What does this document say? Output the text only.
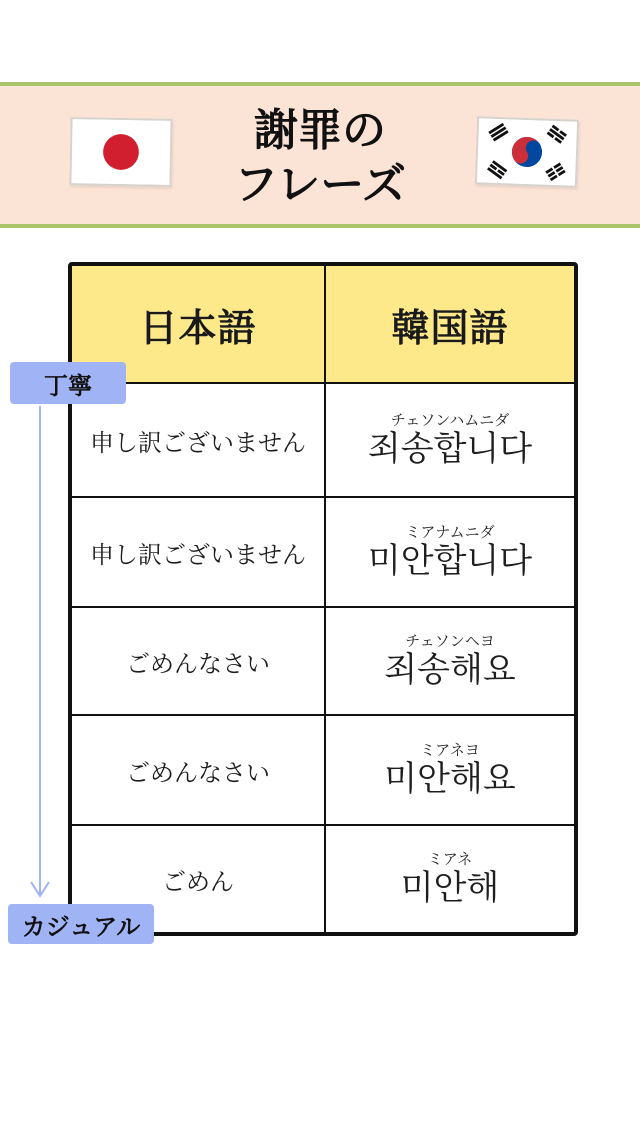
謝罪の
フレーズ
日本語	韓国語
申し訳ございません
チェソンハムニダ
죄송합니다
申し訳ございません
ミアナムニダ
미안합니다
ごめんなさい
チェソンヘヨ
죄송해요
ごめんなさい
ミアネヨ
미안해요
ごめん
ミアネ
미안해
丁寧
カジュアル
